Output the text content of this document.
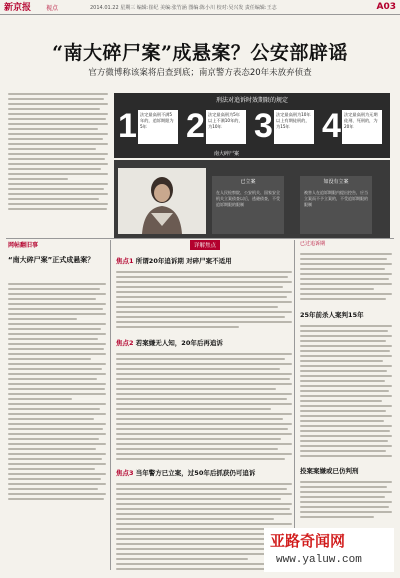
新京报 视点	2014.01.22 星期三 编辑:崔纪 美编:张竹涵 图编:陈小川 校对:吴兴发 责任编辑:王志	A03
“南大碎尸案”成悬案？公安部辟谣
官方微博称该案将启查到底；南京警方表态20年未放弃侦查
刑法对追诉时效期限的规定
1 法定最高刑不满5年的，追诉期限为5年	2 法定最高刑为5年以上不满10年的，为10年 3 法定最高刑为10年以上有期徒刑的，为15年 4 法定最高刑为无期徒刑、死刑的，为20年
南大碎尸案
已立案
在人民检察院、公安机关、国家安全机关立案侦查以后，逃避侦查，不受追诉期限的限制
如没有立案
被害人在追诉期限内提出控告，应当立案而不予立案的，不受追诉期限的限制
网帖翻旧事
“南大碎尸案”正式成悬案？
详解焦点
焦点1 所谓20年追诉期 对碎尸案不适用
焦点2 若案嫌无人知，20年后再追诉
焦点3 当年警方已立案，过50年后抓获仍可追诉
已过追诉期
25年前杀人案判15年
投案案嫌或已仿判刑
亚路奇闻网
www.yaluw.com
